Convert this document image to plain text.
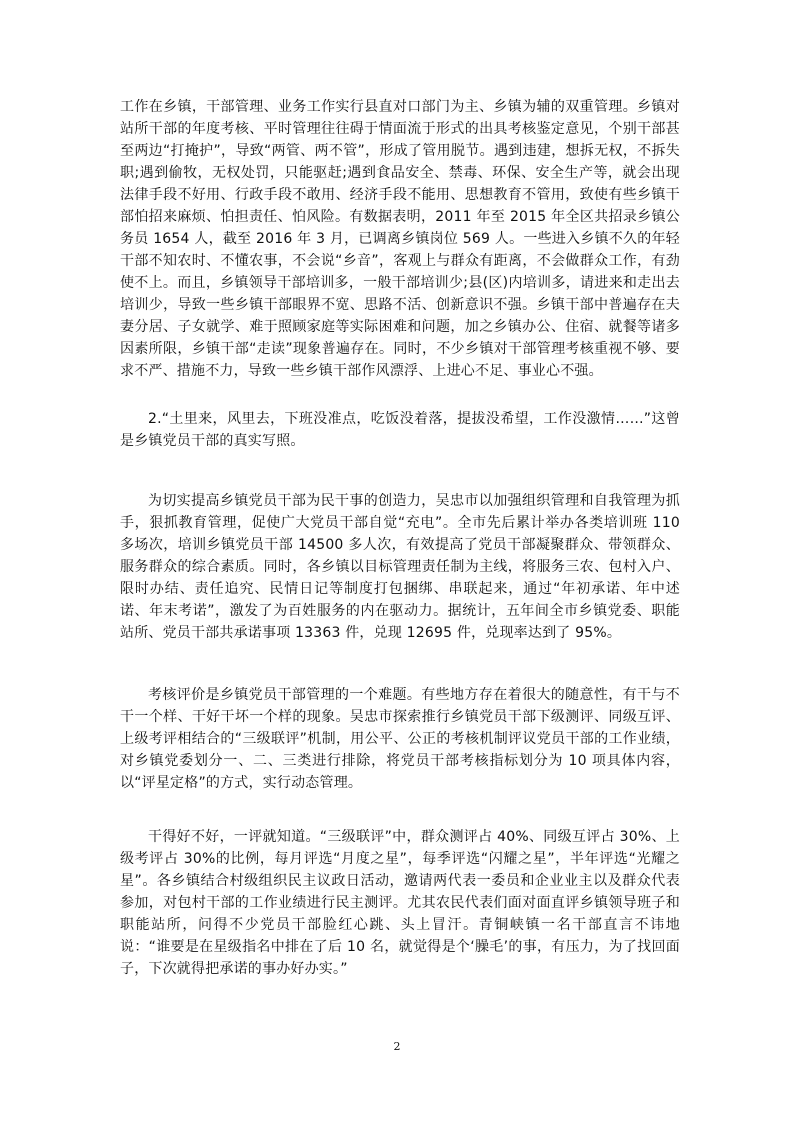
工作在乡镇，干部管理、业务工作实行县直对口部门为主、乡镇为辅的双重管理。乡镇对站所干部的年度考核、平时管理往往碍于情面流于形式的出具考核鉴定意见，个别干部甚至两边“打掩护”，导致“两管、两不管”，形成了管用脱节。遇到违建，想拆无权，不拆失职;遇到偷牧，无权处罚，只能驱赶;遇到食品安全、禁毒、环保、安全生产等，就会出现法律手段不好用、行政手段不敢用、经济手段不能用、思想教育不管用，致使有些乡镇干部怕招来麻烦、怕担责任、怕风险。有数据表明，2011 年至 2015 年全区共招录乡镇公务员 1654 人，截至 2016 年 3 月，已调离乡镇岗位 569 人。一些进入乡镇不久的年轻干部不知农时、不懂农事，不会说“乡音”，客观上与群众有距离，不会做群众工作，有劲使不上。而且，乡镇领导干部培训多，一般干部培训少;县(区)内培训多，请进来和走出去培训少，导致一些乡镇干部眼界不宽、思路不活、创新意识不强。乡镇干部中普遍存在夫妻分居、子女就学、难于照顾家庭等实际困难和问题，加之乡镇办公、住宿、就餐等诸多因素所限，乡镇干部“走读”现象普遍存在。同时，不少乡镇对干部管理考核重视不够、要求不严、措施不力，导致一些乡镇干部作风漂浮、上进心不足、事业心不强。

2.“土里来，风里去，下班没准点，吃饭没着落，提拔没希望，工作没激情……”这曾是乡镇党员干部的真实写照。

为切实提高乡镇党员干部为民干事的创造力，吴忠市以加强组织管理和自我管理为抓手，狠抓教育管理，促使广大党员干部自觉“充电”。全市先后累计举办各类培训班 110 多场次，培训乡镇党员干部 14500 多人次，有效提高了党员干部凝聚群众、带领群众、服务群众的综合素质。同时，各乡镇以目标管理责任制为主线，将服务三农、包村入户、限时办结、责任追究、民情日记等制度打包捆绑、串联起来，通过“年初承诺、年中述诺、年末考诺”，激发了为百姓服务的内在驱动力。据统计，五年间全市乡镇党委、职能站所、党员干部共承诺事项 13363 件，兑现 12695 件，兑现率达到了 95%。

考核评价是乡镇党员干部管理的一个难题。有些地方存在着很大的随意性，有干与不干一个样、干好干坏一个样的现象。吴忠市探索推行乡镇党员干部下级测评、同级互评、上级考评相结合的“三级联评”机制，用公平、公正的考核机制评议党员干部的工作业绩，对乡镇党委划分一、二、三类进行排除，将党员干部考核指标划分为 10 项具体内容，以“评星定格”的方式，实行动态管理。

干得好不好，一评就知道。“三级联评”中，群众测评占 40%、同级互评占 30%、上级考评占 30%的比例，每月评选“月度之星”，每季评选“闪耀之星”，半年评选“光耀之星”。各乡镇结合村级组织民主议政日活动，邀请两代表一委员和企业业主以及群众代表参加，对包村干部的工作业绩进行民主测评。尤其农民代表们面对面直评乡镇领导班子和职能站所，问得不少党员干部脸红心跳、头上冒汗。青铜峡镇一名干部直言不讳地说：“谁要是在星级指名中排在了后 10 名，就觉得是个‘臊毛’的事，有压力，为了找回面子，下次就得把承诺的事办好办实。”

2
